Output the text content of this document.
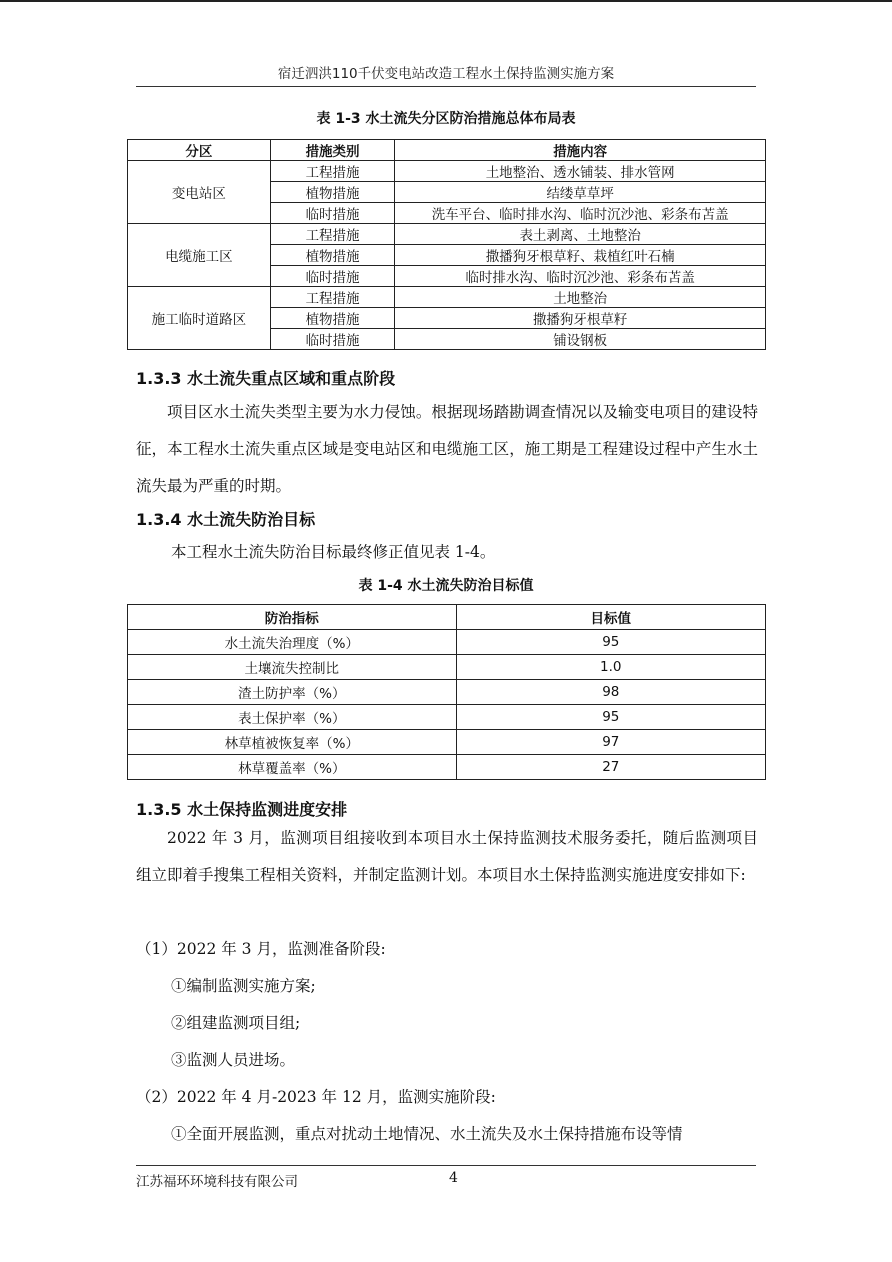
宿迁泗洪110千伏变电站改造工程水土保持监测实施方案
表 1-3 水土流失分区防治措施总体布局表
分区	措施类别	措施内容
变电站区	工程措施	土地整治、透水铺装、排水管网
	植物措施	结缕草草坪
	临时措施	洗车平台、临时排水沟、临时沉沙池、彩条布苫盖
电缆施工区	工程措施	表土剥离、土地整治
	植物措施	撒播狗牙根草籽、栽植红叶石楠
	临时措施	临时排水沟、临时沉沙池、彩条布苫盖
施工临时道路区	工程措施	土地整治
	植物措施	撒播狗牙根草籽
	临时措施	铺设钢板
1.3.3 水土流失重点区域和重点阶段

项目区水土流失类型主要为水力侵蚀。根据现场踏勘调查情况以及输变电项目的建设特征，本工程水土流失重点区域是变电站区和电缆施工区，施工期是工程建设过程中产生水土流失最为严重的时期。

1.3.4 水土流失防治目标
本工程水土流失防治目标最终修正值见表 1-4。
表 1-4 水土流失防治目标值
防治指标	目标值
水土流失治理度（%）	95
土壤流失控制比	1.0
渣土防护率（%）	98
表土保护率（%）	95
林草植被恢复率（%）	97
林草覆盖率（%）	27
1.3.5 水土保持监测进度安排

2022 年 3 月，监测项目组接收到本项目水土保持监测技术服务委托，随后监测项目组立即着手搜集工程相关资料，并制定监测计划。本项目水土保持监测实施进度安排如下:

（1）2022 年 3 月，监测准备阶段:
①编制监测实施方案;
②组建监测项目组;
③监测人员进场。
（2）2022 年 4 月-2023 年 12 月，监测实施阶段:
①全面开展监测，重点对扰动土地情况、水土流失及水土保持措施布设等情
江苏福环环境科技有限公司	4
